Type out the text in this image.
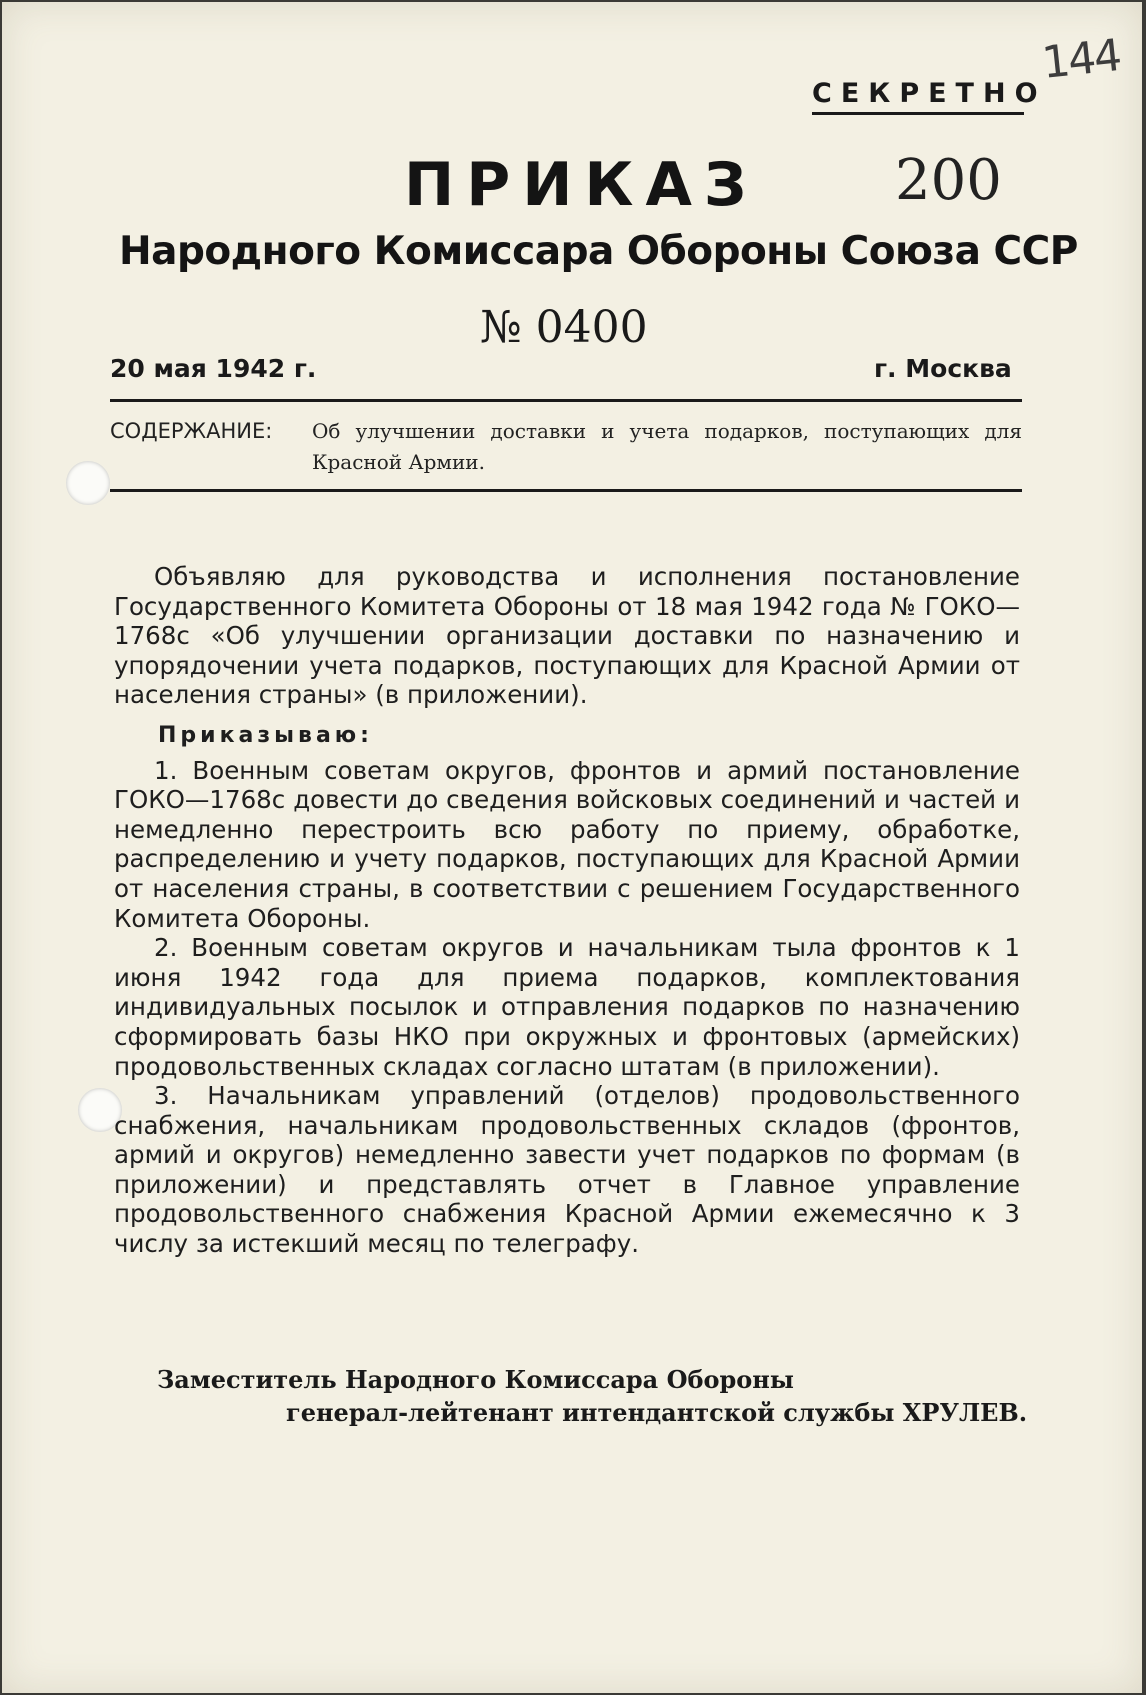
144
СЕКРЕТНО
ПРИКАЗ 200
Народного Комиссара Обороны Союза ССР
№ 0400
20 мая 1942 г.	г. Москва
СОДЕРЖАНИЕ: Об улучшении доставки и учета подарков, поступающих для Красной Армии.

Объявляю для руководства и исполнения постановление Государственного Комитета Обороны от 18 мая 1942 года № ГОКО—1768с «Об улучшении организации доставки по назначению и упорядочении учета подарков, поступающих для Красной Армии от населения страны» (в приложении).

Приказываю:

1. Военным советам округов, фронтов и армий постановление ГОКО—1768с довести до сведения войсковых соединений и частей и немедленно перестроить всю работу по приему, обработке, распределению и учету подарков, поступающих для Красной Армии от населения страны, в соответствии с решением Государственного Комитета Обороны.

2. Военным советам округов и начальникам тыла фронтов к 1 июня 1942 года для приема подарков, комплектования индивидуальных посылок и отправления подарков по назначению сформировать базы НКО при окружных и фронтовых (армейских) продовольственных складах согласно штатам (в приложении).

3. Начальникам управлений (отделов) продовольственного снабжения, начальникам продовольственных складов (фронтов, армий и округов) немедленно завести учет подарков по формам (в приложении) и представлять отчет в Главное управление продовольственного снабжения Красной Армии ежемесячно к 3 числу за истекший месяц по телеграфу.

Заместитель Народного Комиссара Обороны
генерал-лейтенант интендантской службы ХРУЛЕВ.
